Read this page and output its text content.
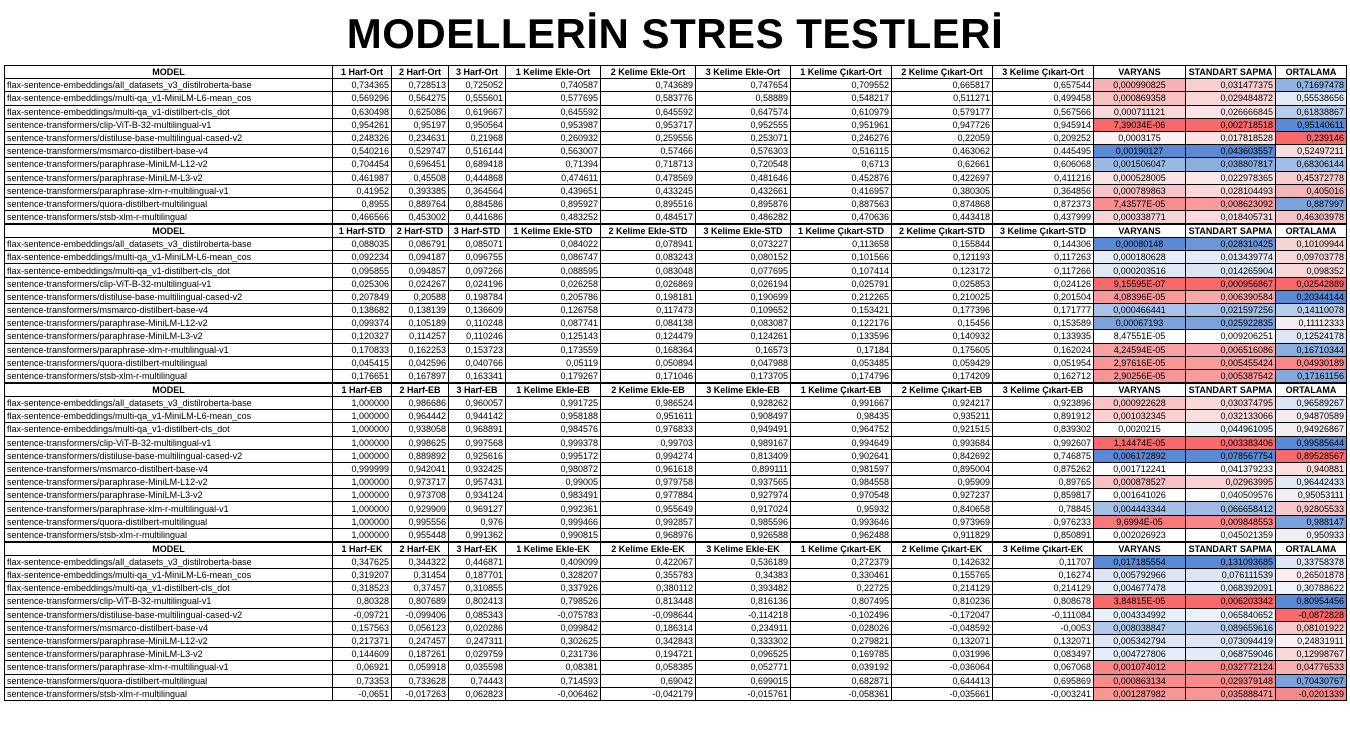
MODELLERİN STRES TESTLERİ
MODEL	1 Harf-Ort	2 Harf-Ort	3 Harf-Ort	1 Kelime Ekle-Ort	2 Kelime Ekle-Ort	3 Kelime Ekle-Ort	1 Kelime Çıkart-Ort	2 Kelime Çıkart-Ort	3 Kelime Çıkart-Ort	VARYANS	STANDART SAPMA	ORTALAMA
flax-sentence-embeddings/all_datasets_v3_distilroberta-base	0,734365	0,728513	0,725052	0,740587	0,743689	0,747654	0,709552	0,665817	0,657544	0,000990825	0,031477375	0,71697478
flax-sentence-embeddings/multi-qa_v1-MiniLM-L6-mean_cos	0,569296	0,564275	0,555601	0,577695	0,583776	0,58889	0,548217	0,511271	0,499458	0,000869358	0,029484872	0,55538656
flax-sentence-embeddings/multi-qa_v1-distilbert-cls_dot	0,630498	0,625086	0,619667	0,645592	0,645592	0,647574	0,610979	0,579177	0,567566	0,000711121	0,026666845	0,61838867
sentence-transformers/clip-ViT-B-32-multilingual-v1	0,954261	0,95197	0,950564	0,953987	0,953717	0,952555	0,951961	0,947726	0,945914	7,39034E-06	0,002718518	0,95140611
sentence-transformers/distiluse-base-multilingual-cased-v2	0,248326	0,234631	0,21968	0,260932	0,259556	0,253071	0,246276	0,22059	0,209252	0,0003175	0,017818528	0,239146
sentence-transformers/msmarco-distilbert-base-v4	0,540216	0,529747	0,516144	0,563007	0,57466	0,576303	0,516115	0,463062	0,445495	0,00190127	0,043603557	0,52497211
sentence-transformers/paraphrase-MiniLM-L12-v2	0,704454	0,696451	0,689418	0,71394	0,718713	0,720548	0,6713	0,62661	0,606068	0,001506047	0,038807817	0,68306144
sentence-transformers/paraphrase-MiniLM-L3-v2	0,461987	0,45508	0,444868	0,474611	0,478569	0,481646	0,452876	0,422697	0,411216	0,000528005	0,022978365	0,45372778
sentence-transformers/paraphrase-xlm-r-multilingual-v1	0,41952	0,393385	0,364564	0,439651	0,433245	0,432661	0,416957	0,380305	0,364856	0,000789863	0,028104493	0,405016
sentence-transformers/quora-distilbert-multilingual	0,8955	0,889764	0,884586	0,895927	0,895516	0,895876	0,887563	0,874868	0,872373	7,43577E-05	0,008623092	0,887997
sentence-transformers/stsb-xlm-r-multilingual	0,466566	0,453002	0,441686	0,483252	0,484517	0,486282	0,470636	0,443418	0,437999	0,000338771	0,018405731	0,46303978
MODEL	1 Harf-STD	2 Harf-STD	3 Harf-STD	1 Kelime Ekle-STD	2 Kelime Ekle-STD	3 Kelime Ekle-STD	1 Kelime Çıkart-STD	2 Kelime Çıkart-STD	3 Kelime Çıkart-STD	VARYANS	STANDART SAPMA	ORTALAMA
flax-sentence-embeddings/all_datasets_v3_distilroberta-base	0,088035	0,086791	0,085071	0,084022	0,078941	0,073227	0,113658	0,155844	0,144306	0,00080148	0,028310425	0,10109944
flax-sentence-embeddings/multi-qa_v1-MiniLM-L6-mean_cos	0,092234	0,094187	0,096755	0,086747	0,083243	0,080152	0,101566	0,121193	0,117263	0,000180628	0,013439774	0,09703778
flax-sentence-embeddings/multi-qa_v1-distilbert-cls_dot	0,095855	0,094857	0,097266	0,088595	0,083048	0,077695	0,107414	0,123172	0,117266	0,000203516	0,014265904	0,098352
sentence-transformers/clip-ViT-B-32-multilingual-v1	0,025306	0,024267	0,024196	0,026258	0,026869	0,026194	0,025791	0,025853	0,024126	9,15595E-07	0,000956867	0,02542889
sentence-transformers/distiluse-base-multilingual-cased-v2	0,207849	0,20588	0,198784	0,205786	0,198181	0,190699	0,212265	0,210025	0,201504	4,08396E-05	0,006390584	0,20344144
sentence-transformers/msmarco-distilbert-base-v4	0,138682	0,138139	0,136609	0,126758	0,117473	0,109652	0,153421	0,177396	0,171777	0,000466441	0,021597256	0,14110078
sentence-transformers/paraphrase-MiniLM-L12-v2	0,099374	0,105189	0,110248	0,087741	0,084138	0,083087	0,122176	0,15456	0,153589	0,00067193	0,025922835	0,11112333
sentence-transformers/paraphrase-MiniLM-L3-v2	0,120327	0,114257	0,110246	0,125143	0,124479	0,124261	0,133596	0,140932	0,133935	8,47551E-05	0,009206251	0,12524178
sentence-transformers/paraphrase-xlm-r-multilingual-v1	0,170833	0,162253	0,153723	0,173559	0,168364	0,16573	0,17184	0,175605	0,162024	4,24594E-05	0,006516086	0,16710344
sentence-transformers/quora-distilbert-multilingual	0,045415	0,042596	0,040766	0,05119	0,050894	0,047988	0,053485	0,059429	0,051954	2,97616E-05	0,005455424	0,04930189
sentence-transformers/stsb-xlm-r-multilingual	0,176651	0,167897	0,163341	0,179267	0,171046	0,173705	0,174796	0,174209	0,162712	2,90256E-05	0,005387542	0,17161156
MODEL	1 Harf-EB	2 Harf-EB	3 Harf-EB	1 Kelime Ekle-EB	2 Kelime Ekle-EB	3 Kelime Ekle-EB	1 Kelime Çıkart-EB	2 Kelime Çıkart-EB	3 Kelime Çıkart-EB	VARYANS	STANDART SAPMA	ORTALAMA
flax-sentence-embeddings/all_datasets_v3_distilroberta-base	1,000000	0,986686	0,960057	0,991725	0,986524	0,928262	0,991667	0,924217	0,923896	0,000922628	0,030374795	0,96589267
flax-sentence-embeddings/multi-qa_v1-MiniLM-L6-mean_cos	1,000000	0,964442	0,944142	0,958188	0,951611	0,908497	0,98435	0,935211	0,891912	0,001032345	0,032133066	0,94870589
flax-sentence-embeddings/multi-qa_v1-distilbert-cls_dot	1,000000	0,938058	0,968891	0,984576	0,976833	0,949491	0,964752	0,921515	0,839302	0,0020215	0,044961095	0,94926867
sentence-transformers/clip-ViT-B-32-multilingual-v1	1,000000	0,998625	0,997568	0,999378	0,99703	0,989167	0,994649	0,993684	0,992607	1,14474E-05	0,003383406	0,99585644
sentence-transformers/distiluse-base-multilingual-cased-v2	1,000000	0,889892	0,925616	0,995172	0,994274	0,813409	0,902641	0,842692	0,746875	0,006172892	0,078567754	0,89528567
sentence-transformers/msmarco-distilbert-base-v4	0,999999	0,942041	0,932425	0,980872	0,961618	0,899111	0,981597	0,895004	0,875262	0,001712241	0,041379233	0,940881
sentence-transformers/paraphrase-MiniLM-L12-v2	1,000000	0,973717	0,957431	0,99005	0,979758	0,937565	0,984558	0,95909	0,89765	0,000878527	0,02963995	0,96442433
sentence-transformers/paraphrase-MiniLM-L3-v2	1,000000	0,973708	0,934124	0,983491	0,977884	0,927974	0,970548	0,927237	0,859817	0,001641026	0,040509576	0,95053111
sentence-transformers/paraphrase-xlm-r-multilingual-v1	1,000000	0,929909	0,969127	0,992361	0,955649	0,917024	0,95932	0,840658	0,78845	0,004443344	0,066658412	0,92805533
sentence-transformers/quora-distilbert-multilingual	1,000000	0,995556	0,976	0,999466	0,992857	0,985596	0,993646	0,973969	0,976233	9,6994E-05	0,009848553	0,988147
sentence-transformers/stsb-xlm-r-multilingual	1,000000	0,955448	0,991362	0,990815	0,968976	0,926588	0,962488	0,911829	0,850891	0,002026923	0,045021359	0,950933
MODEL	1 Harf-EK	2 Harf-EK	3 Harf-EK	1 Kelime Ekle-EK	2 Kelime Ekle-EK	3 Kelime Ekle-EK	1 Kelime Çıkart-EK	2 Kelime Çıkart-EK	3 Kelime Çıkart-EK	VARYANS	STANDART SAPMA	ORTALAMA
flax-sentence-embeddings/all_datasets_v3_distilroberta-base	0,347625	0,344322	0,446871	0,409099	0,422067	0,536189	0,272379	0,142632	0,11707	0,017185554	0,131093685	0,33758378
flax-sentence-embeddings/multi-qa_v1-MiniLM-L6-mean_cos	0,319207	0,31454	0,187701	0,328207	0,355783	0,34383	0,330461	0,155765	0,16274	0,005792966	0,076111539	0,26501878
flax-sentence-embeddings/multi-qa_v1-distilbert-cls_dot	0,318523	0,37457	0,310855	0,337926	0,380112	0,393482	0,22725	0,214129	0,214129	0,004677478	0,068392091	0,30788622
sentence-transformers/clip-ViT-B-32-multilingual-v1	0,80328	0,807689	0,802413	0,798526	0,813448	0,816136	0,807495	0,810236	0,808678	3,84815E-05	0,006203342	0,80954456
sentence-transformers/distiluse-base-multilingual-cased-v2	-0,09721	-0,099406	0,085343	-0,075783	-0,098644	-0,114218	-0,102496	-0,172047	-0,111084	0,004334992	0,065840652	-0,0872828
sentence-transformers/msmarco-distilbert-base-v4	0,157563	0,056123	0,020286	0,099842	0,186314	0,234911	0,028026	-0,048592	-0,0053	0,008038847	0,089659616	0,08101922
sentence-transformers/paraphrase-MiniLM-L12-v2	0,217371	0,247457	0,247311	0,302625	0,342843	0,333302	0,279821	0,132071	0,132071	0,005342794	0,073094419	0,24831911
sentence-transformers/paraphrase-MiniLM-L3-v2	0,144609	0,187261	0,029759	0,231736	0,194721	0,096525	0,169785	0,031996	0,083497	0,004727806	0,068759046	0,12998767
sentence-transformers/paraphrase-xlm-r-multilingual-v1	0,06921	0,059918	0,035598	0,08381	0,058385	0,052771	0,039192	-0,036064	0,067068	0,001074012	0,032772124	0,04776533
sentence-transformers/quora-distilbert-multilingual	0,73353	0,733628	0,74443	0,714593	0,69042	0,699015	0,682871	0,644413	0,695869	0,000863134	0,029379148	0,70430767
sentence-transformers/stsb-xlm-r-multilingual	-0,0651	-0,017263	0,062823	-0,006462	-0,042179	-0,015761	-0,058361	-0,035661	-0,003241	0,001287982	0,035888471	-0,0201339
